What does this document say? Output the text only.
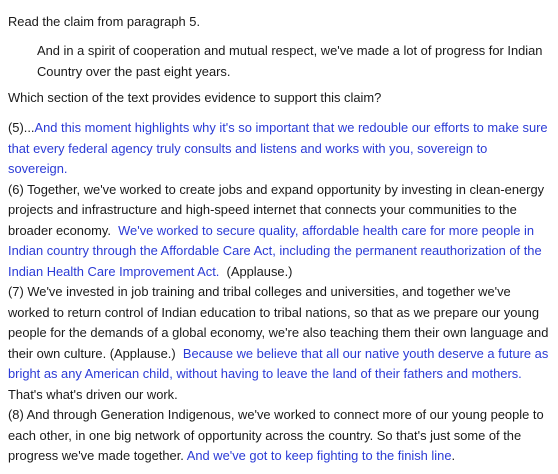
Read the claim from paragraph 5.

And in a spirit of cooperation and mutual respect, we've made a lot of progress for Indian Country over the past eight years.

Which section of the text provides evidence to support this claim?

(5)...And this moment highlights why it's so important that we redouble our efforts to make sure that every federal agency truly consults and listens and works with you, sovereign to sovereign.

(6) Together, we've worked to create jobs and expand opportunity by investing in clean-energy projects and infrastructure and high-speed internet that connects your communities to the broader economy. We've worked to secure quality, affordable health care for more people in Indian country through the Affordable Care Act, including the permanent reauthorization of the Indian Health Care Improvement Act. (Applause.)

(7) We've invested in job training and tribal colleges and universities, and together we've worked to return control of Indian education to tribal nations, so that as we prepare our young people for the demands of a global economy, we're also teaching them their own language and their own culture. (Applause.) Because we believe that all our native youth deserve a future as bright as any American child, without having to leave the land of their fathers and mothers. That's what's driven our work.

(8) And through Generation Indigenous, we've worked to connect more of our young people to each other, in one big network of opportunity across the country. So that's just some of the progress we've made together. And we've got to keep fighting to the finish line.
